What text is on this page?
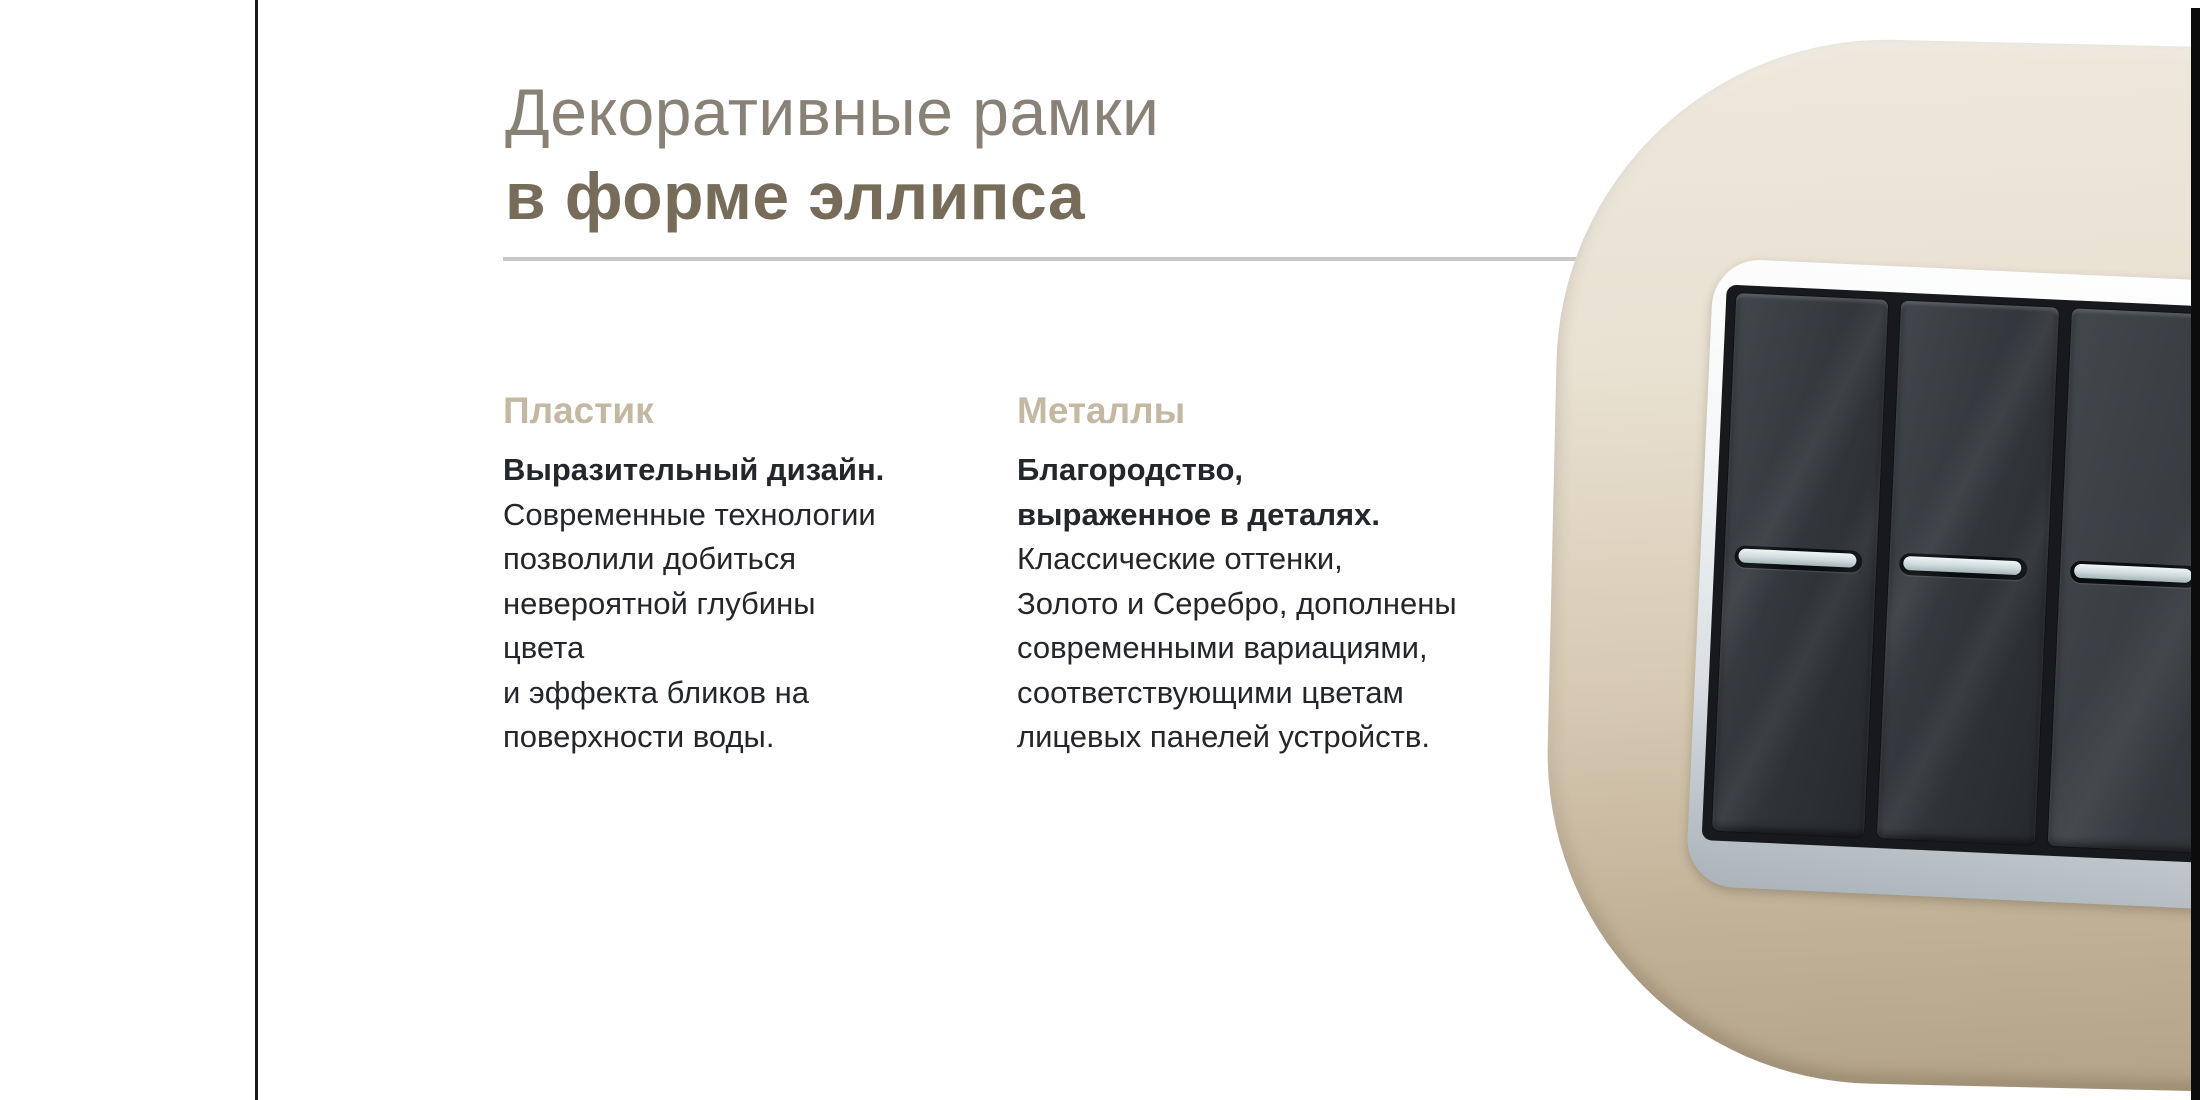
Декоративные рамки
в форме эллипса
Пластик
Выразительный дизайн.
Современные технологии
позволили добиться
невероятной глубины цвета
и эффекта бликов на
поверхности воды.
Металлы
Благородство,
выраженное в деталях.
Классические оттенки,
Золото и Серебро, дополнены
современными вариациями,
соответствующими цветам
лицевых панелей устройств.
